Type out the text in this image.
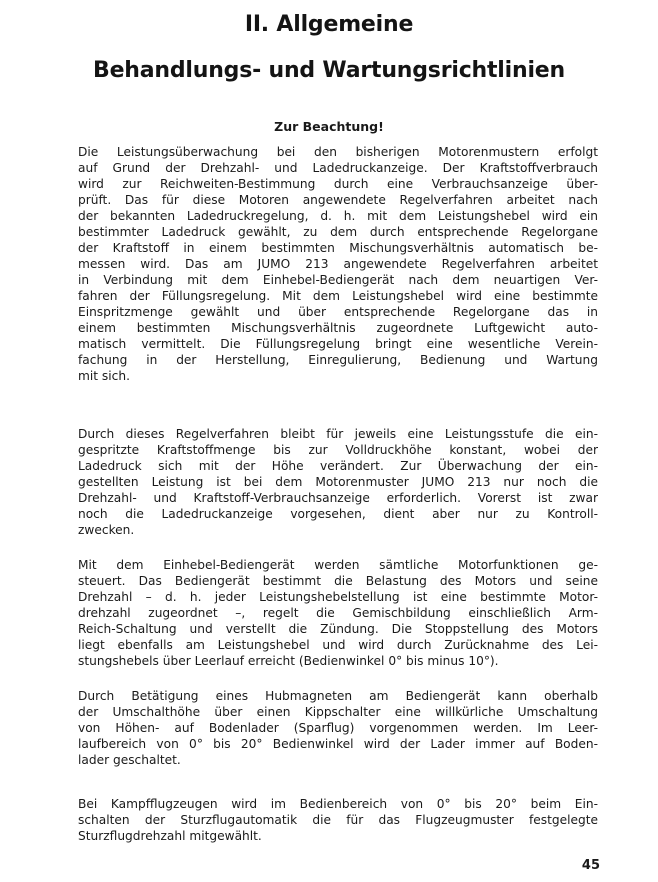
II. Allgemeine
Behandlungs- und Wartungsrichtlinien
Zur Beachtung!
Die Leistungsüberwachung bei den bisherigen Motorenmustern erfolgt
auf Grund der Drehzahl- und Ladedruckanzeige. Der Kraftstoffverbrauch
wird zur Reichweiten-Bestimmung durch eine Verbrauchsanzeige über-
prüft. Das für diese Motoren angewendete Regelverfahren arbeitet nach
der bekannten Ladedruckregelung, d. h. mit dem Leistungshebel wird ein
bestimmter Ladedruck gewählt, zu dem durch entsprechende Regelorgane
der Kraftstoff in einem bestimmten Mischungsverhältnis automatisch be-
messen wird. Das am JUMO 213 angewendete Regelverfahren arbeitet
in Verbindung mit dem Einhebel-Bediengerät nach dem neuartigen Ver-
fahren der Füllungsregelung. Mit dem Leistungshebel wird eine bestimmte
Einspritzmenge gewählt und über entsprechende Regelorgane das in
einem bestimmten Mischungsverhältnis zugeordnete Luftgewicht auto-
matisch vermittelt. Die Füllungsregelung bringt eine wesentliche Verein-
fachung in der Herstellung, Einregulierung, Bedienung und Wartung
mit sich.
Durch dieses Regelverfahren bleibt für jeweils eine Leistungsstufe die ein-
gespritzte Kraftstoffmenge bis zur Volldruckhöhe konstant, wobei der
Ladedruck sich mit der Höhe verändert. Zur Überwachung der ein-
gestellten Leistung ist bei dem Motorenmuster JUMO 213 nur noch die
Drehzahl- und Kraftstoff-Verbrauchsanzeige erforderlich. Vorerst ist zwar
noch die Ladedruckanzeige vorgesehen, dient aber nur zu Kontroll-
zwecken.
Mit dem Einhebel-Bediengerät werden sämtliche Motorfunktionen ge-
steuert. Das Bediengerät bestimmt die Belastung des Motors und seine
Drehzahl – d. h. jeder Leistungshebelstellung ist eine bestimmte Motor-
drehzahl zugeordnet –, regelt die Gemischbildung einschließlich Arm-
Reich-Schaltung und verstellt die Zündung. Die Stoppstellung des Motors
liegt ebenfalls am Leistungshebel und wird durch Zurücknahme des Lei-
stungshebels über Leerlauf erreicht (Bedienwinkel 0° bis minus 10°).
Durch Betätigung eines Hubmagneten am Bediengerät kann oberhalb
der Umschalthöhe über einen Kippschalter eine willkürliche Umschaltung
von Höhen- auf Bodenlader (Sparflug) vorgenommen werden. Im Leer-
laufbereich von 0° bis 20° Bedienwinkel wird der Lader immer auf Boden-
lader geschaltet.
Bei Kampfflugzeugen wird im Bedienbereich von 0° bis 20° beim Ein-
schalten der Sturzflugautomatik die für das Flugzeugmuster festgelegte
Sturzflugdrehzahl mitgewählt.
45
